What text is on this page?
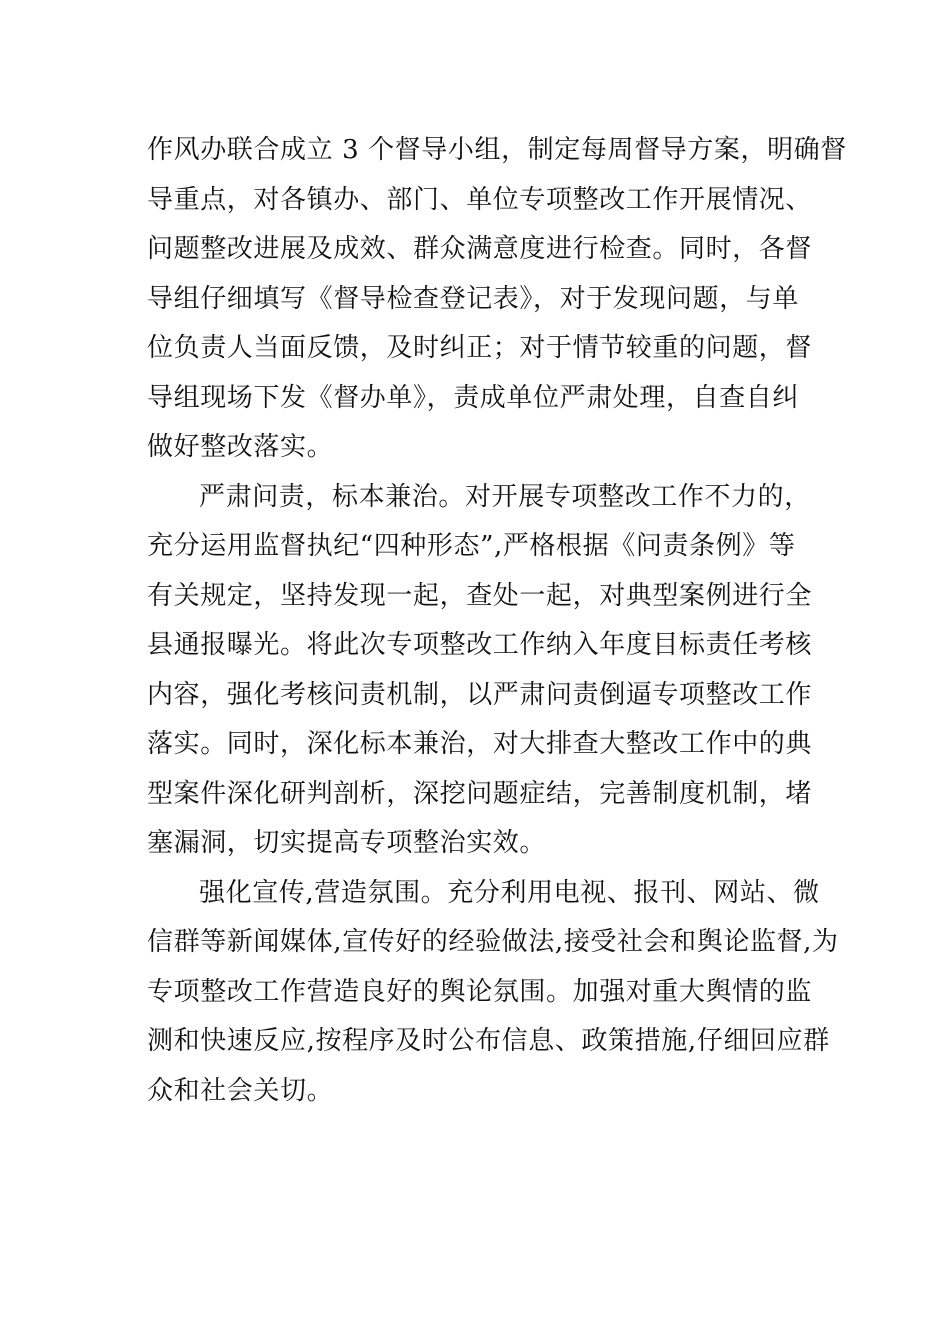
作风办联合成立 3 个督导小组，制定每周督导方案，明确督
导重点，对各镇办、部门、单位专项整改工作开展情况、
问题整改进展及成效、群众满意度进行检查。同时，各督
导组仔细填写《督导检查登记表》，对于发现问题，与单
位负责人当面反馈，及时纠正；对于情节较重的问题，督
导组现场下发《督办单》，责成单位严肃处理，自查自纠
做好整改落实。

严肃问责，标本兼治。对开展专项整改工作不力的，
充分运用监督执纪“四种形态”,严格根据《问责条例》等
有关规定，坚持发现一起，查处一起，对典型案例进行全
县通报曝光。将此次专项整改工作纳入年度目标责任考核
内容，强化考核问责机制，以严肃问责倒逼专项整改工作
落实。同时，深化标本兼治，对大排查大整改工作中的典
型案件深化研判剖析，深挖问题症结，完善制度机制，堵
塞漏洞，切实提高专项整治实效。

强化宣传,营造氛围。充分利用电视、报刊、网站、微
信群等新闻媒体,宣传好的经验做法,接受社会和舆论监督,为
专项整改工作营造良好的舆论氛围。加强对重大舆情的监
测和快速反应,按程序及时公布信息、政策措施,仔细回应群
众和社会关切。
